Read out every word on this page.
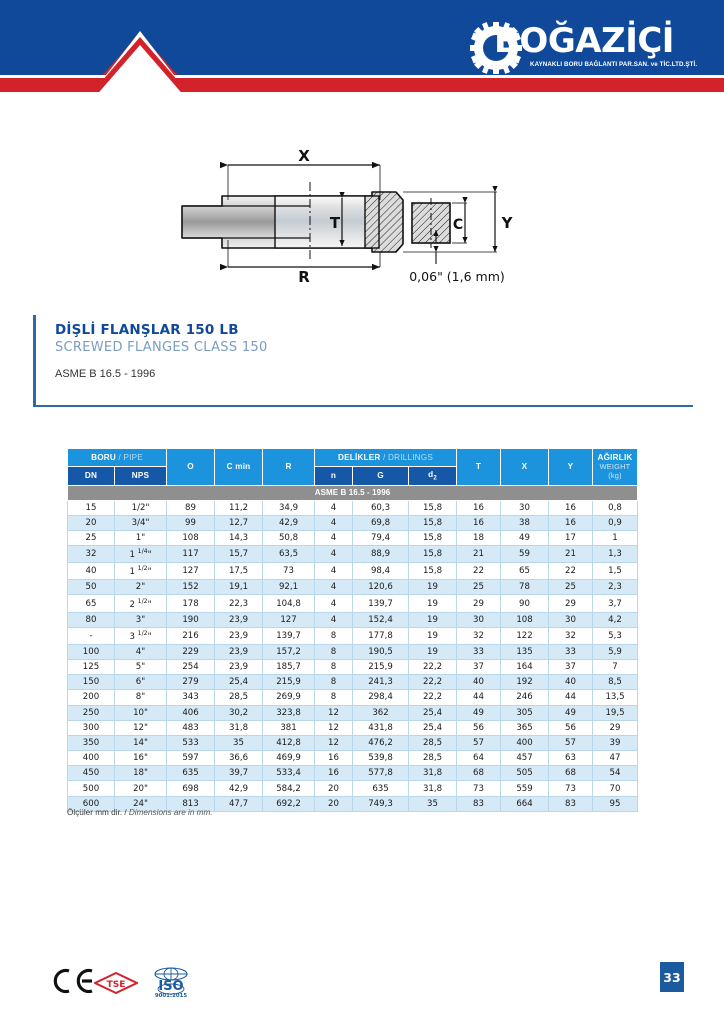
BOĞAZİÇİ
KAYNAKLI BORU BAĞLANTI PAR.SAN. ve TİC.LTD.ŞTİ.
X
R
T	Y
C
0,06" (1,6 mm)
DİŞLİ FLANŞLAR 150 LB
SCREWED FLANGES CLASS 150
ASME B 16.5 - 1996
BORU / PIPE		O	C min	R	DELİKLER / DRILLINGS			T	X	Y	AĞIRLIK
WEIGHT
(kg)

DN	NPS				n	G	$d_2$
ASME B 16.5 - 1996											
15	1/2"	89	11,2	34,9	4	60,3	15,8	16	30	16	0,8
20	3/4"	99	12,7	42,9	4	69,8	15,8	16	38	16	0,9
25	1"	108	14,3	50,8	4	79,4	15,8	18	49	17	1
32	1 $^{1/4}$"	117	15,7	63,5	4	88,9	15,8	21	59	21	1,3
40	1 $^{1/2}$"	127	17,5	73	4	98,4	15,8	22	65	22	1,5
50	2"	152	19,1	92,1	4	120,6	19	25	78	25	2,3
65	2 $^{1/2}$"	178	22,3	104,8	4	139,7	19	29	90	29	3,7
80	3"	190	23,9	127	4	152,4	19	30	108	30	4,2
-	3 $^{1/2}$"	216	23,9	139,7	8	177,8	19	32	122	32	5,3
100	4"	229	23,9	157,2	8	190,5	19	33	135	33	5,9
125	5"	254	23,9	185,7	8	215,9	22,2	37	164	37	7
150	6"	279	25,4	215,9	8	241,3	22,2	40	192	40	8,5
200	8"	343	28,5	269,9	8	298,4	22,2	44	246	44	13,5
250	10"	406	30,2	323,8	12	362	25,4	49	305	49	19,5
300	12"	483	31,8	381	12	431,8	25,4	56	365	56	29
350	14"	533	35	412,8	12	476,2	28,5	57	400	57	39
400	16"	597	36,6	469,9	16	539,8	28,5	64	457	63	47
450	18"	635	39,7	533,4	16	577,8	31,8	68	505	68	54
500	20"	698	42,9	584,2	20	635	31,8	73	559	73	70
600	24"	813	47,7	692,2	20	749,3	35	83	664	83	95
Ölçüler mm dir. / Dimensions are in mm.
TSE	ISO
9001:2015
33
